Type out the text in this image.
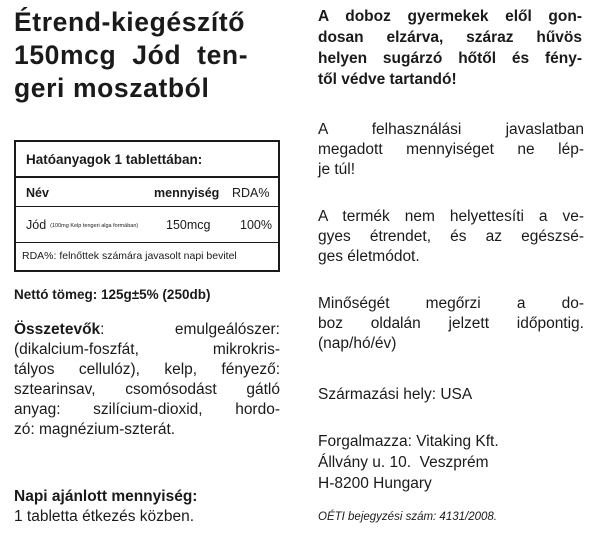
Étrend-kiegészítő
150mcg Jód ten-
geri moszatból
Hatóanyagok 1 tablettában:
Név	mennyiség RDA%
Jód (100mg Kelp tengeri alga formában) 150mcg 100%
RDA%: felnőttek számára javasolt napi bevitel
Nettó tömeg: 125g±5% (250db)
Összetevők: emulgeálószer:
(dikalcium-foszfát, mikrokris-
tályos cellulóz), kelp, fényező:
sztearinsav, csomósodást gátló
anyag: szilícium-dioxid, hordo-
zó: magnézium-szterát.
Napi ajánlott mennyiség:
1 tabletta étkezés közben.

A doboz gyermekek elől gon-
dosan elzárva, száraz hűvös
helyen sugárzó hőtől és fény-
től védve tartandó!

A felhasználási javaslatban
megadott mennyiséget ne lép-
je túl!
A termék nem helyettesíti a ve-
gyes étrendet, és az egészsé-
ges életmódot.
Minőségét megőrzi a do-
boz oldalán jelzett időpontig.
(nap/hó/év)
Származási hely: USA
Forgalmazza: Vitaking Kft.
Állvány u. 10.  Veszprém
H-8200 Hungary
OÉTI bejegyzési szám: 4131/2008.
